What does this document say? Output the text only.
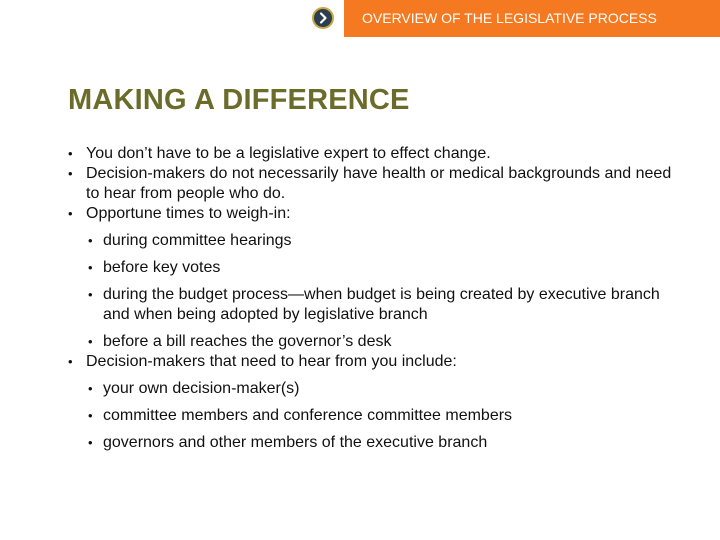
OVERVIEW OF THE LEGISLATIVE PROCESS
MAKING A DIFFERENCE
• You don’t have to be a legislative expert to effect change.
• Decision-makers do not necessarily have health or medical backgrounds and need to hear from people who do.
• Opportune times to weigh-in:
• during committee hearings
• before key votes
• during the budget process—when budget is being created by executive branch and when being adopted by legislative branch
• before a bill reaches the governor’s desk
• Decision-makers that need to hear from you include:
• your own decision-maker(s)
• committee members and conference committee members
• governors and other members of the executive branch
